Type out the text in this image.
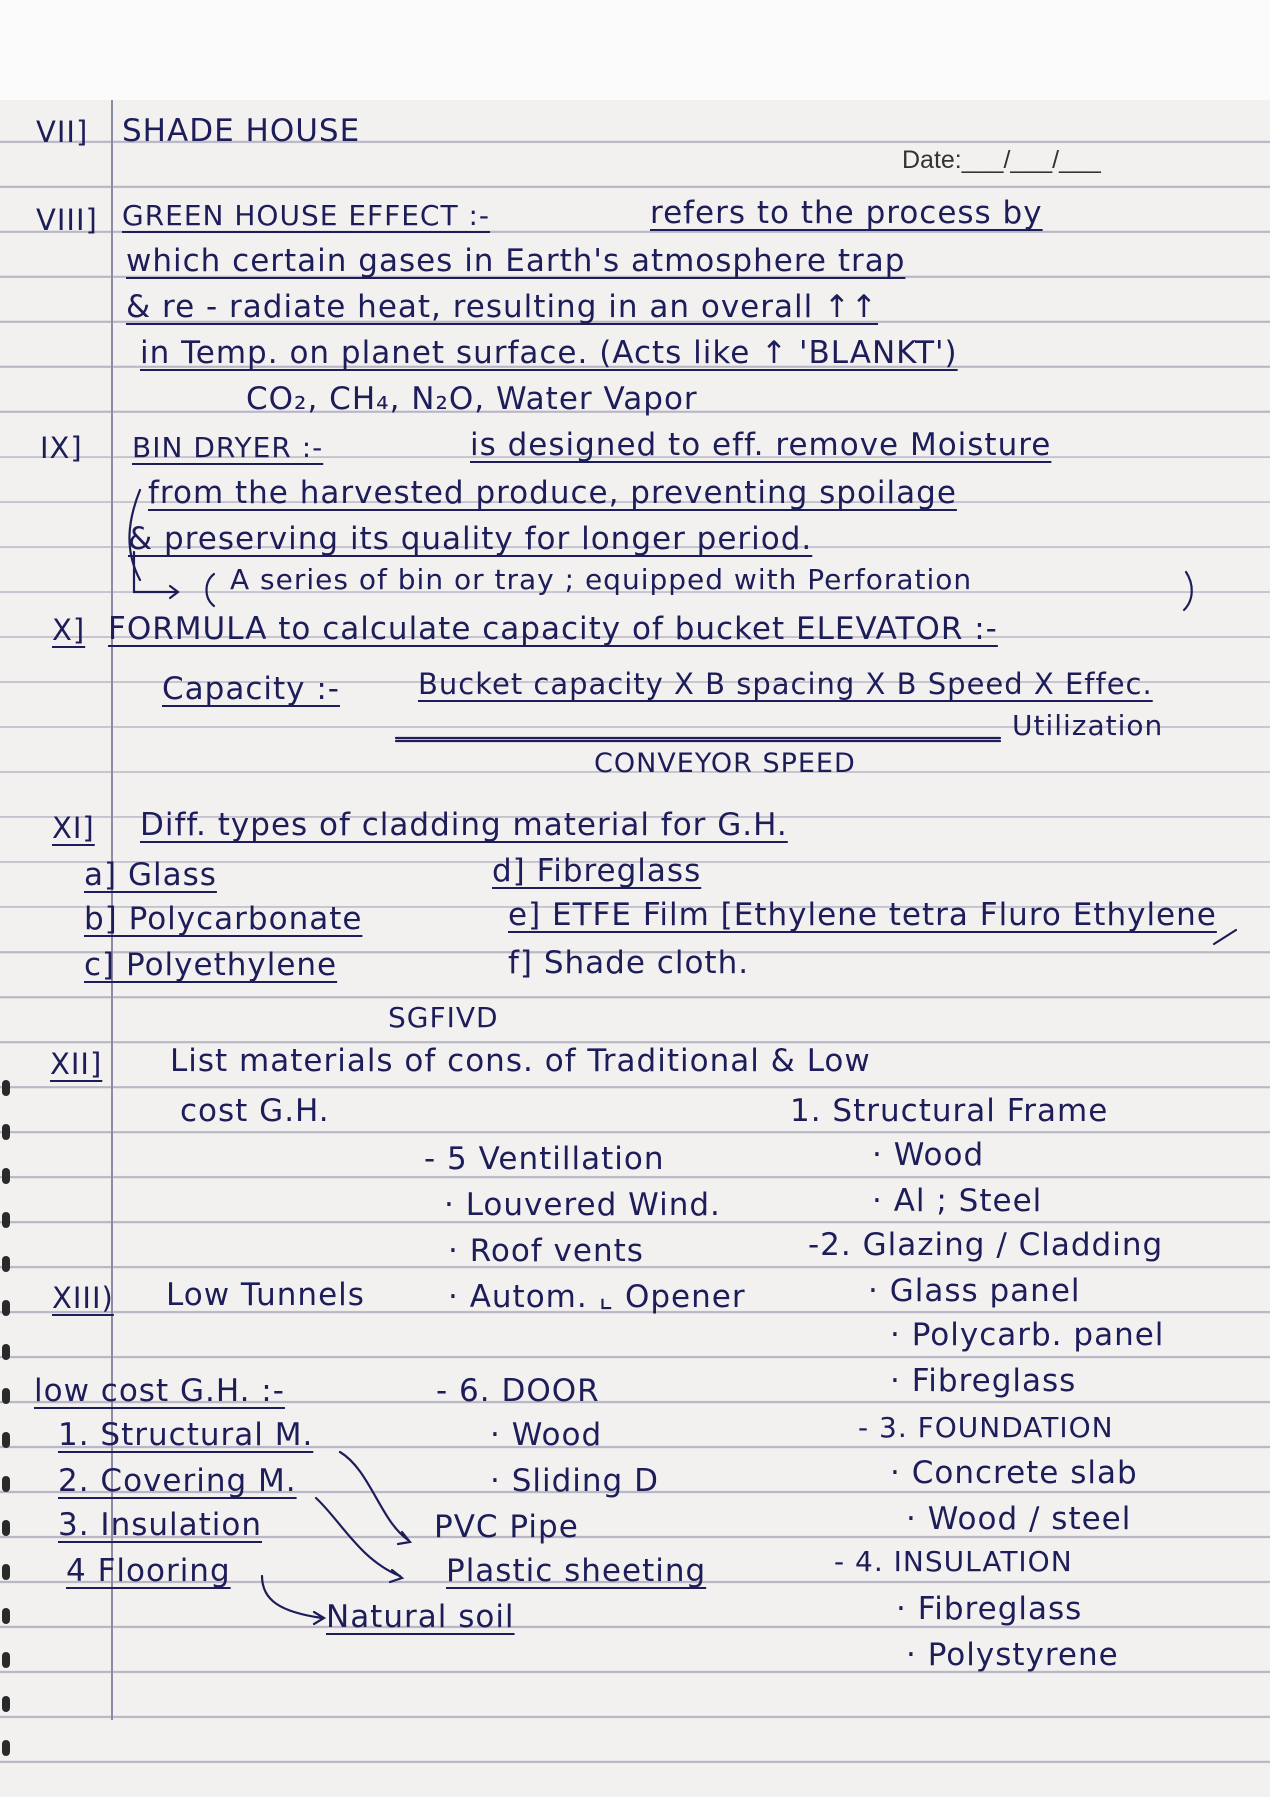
VII] SHADE HOUSE
Date:___/___/___
VIII] GREEN HOUSE EFFECT :-	refers to the process by
which certain gases in Earth's atmosphere trap
& re - radiate heat, resulting in an overall ↑↑
in Temp. on planet surface. (Acts like ↑ 'BLANKT')
CO₂, CH₄, N₂O, Water Vapor
IX] BIN DRYER :-	is designed to eff. remove Moisture
from the harvested produce, preventing spoilage
& preserving its quality for longer period.
A series of bin or tray ; equipped with Perforation
X] FORMULA to calculate capacity of bucket ELEVATOR :-
Capacity :-	Bucket capacity X B spacing X B Speed X Effec.
Utilization
CONVEYOR SPEED
XI] Diff. types of cladding material for G.H.
a] Glass	d] Fibreglass
b] Polycarbonate	e] ETFE Film [Ethylene tetra Fluro Ethylene
c] Polyethylene	f] Shade cloth.
SGFIVD
XII] List materials of cons. of Traditional & Low
cost G.H.	1. Structural Frame
· Wood
· Al ; Steel
-2. Glazing / Cladding
· Glass panel
· Polycarb. panel
· Fibreglass
- 3. FOUNDATION
· Concrete slab
· Wood / steel
- 4. INSULATION
· Fibreglass
· Polystyrene
- 5 Ventillation
· Louvered Wind.
· Roof vents
· Autom. ⌞ Opener
XIII) Low Tunnels
- 6. DOOR
· Wood
· Sliding D
low cost G.H. :-
1. Structural M.
2. Covering M.
3. Insulation
4 Flooring
PVC Pipe
Plastic sheeting
Natural soil
